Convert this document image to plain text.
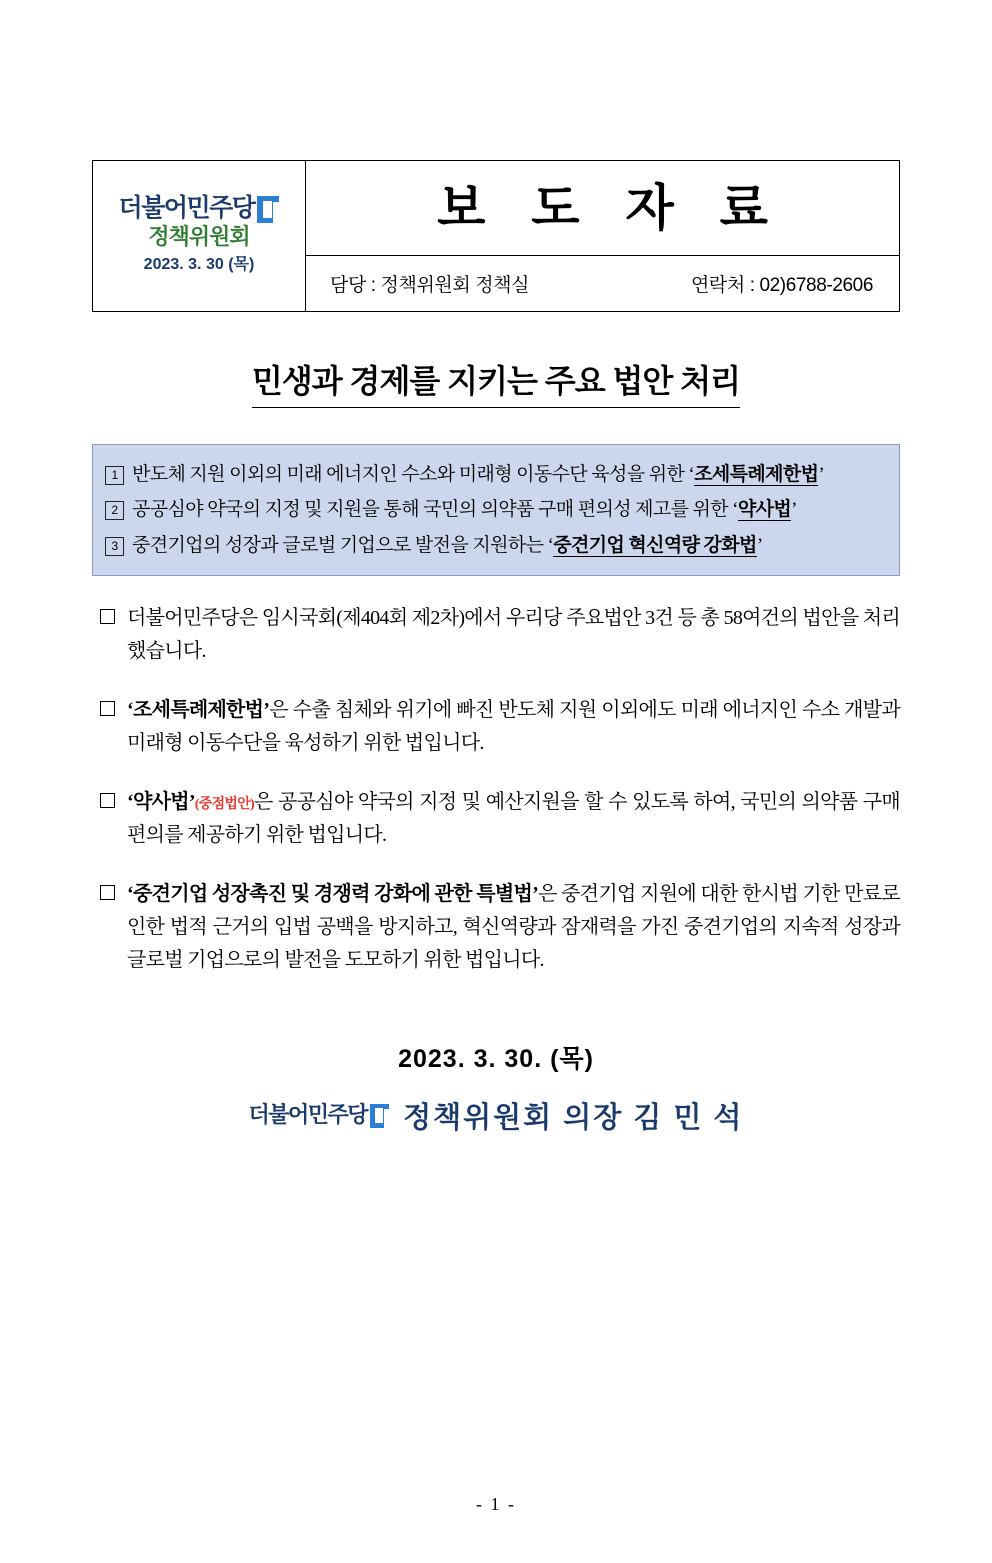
더불어민주당
정책위원회
2023. 3. 30 (목)

보 도 자 료

담당 : 정책위원회 정책실	연락처 : 02)6788-2606
민생과 경제를 지키는 주요 법안 처리
1 반도체 지원 이외의 미래 에너지인 수소와 미래형 이동수단 육성을 위한 ‘조세특례제한법’
2 공공심야 약국의 지정 및 지원을 통해 국민의 의약품 구매 편의성 제고를 위한 ‘약사법’
3 중견기업의 성장과 글로벌 기업으로 발전을 지원하는 ‘중견기업 혁신역량 강화법’
더불어민주당은 임시국회(제404회 제2차)에서 우리당 주요법안 3건 등 총 58여건의 법안을 처리했습니다.
‘조세특례제한법’은 수출 침체와 위기에 빠진 반도체 지원 이외에도 미래 에너지인 수소 개발과 미래형 이동수단을 육성하기 위한 법입니다.
‘약사법’(중점법안)은 공공심야 약국의 지정 및 예산지원을 할 수 있도록 하여, 국민의 의약품 구매 편의를 제공하기 위한 법입니다.
‘중견기업 성장촉진 및 경쟁력 강화에 관한 특별법’은 중견기업 지원에 대한 한시법 기한 만료로 인한 법적 근거의 입법 공백을 방지하고, 혁신역량과 잠재력을 가진 중견기업의 지속적 성장과 글로벌 기업으로의 발전을 도모하기 위한 법입니다.
2023. 3. 30. (목)
더불어민주당 정책위원회 의장 김 민 석
- 1 -
